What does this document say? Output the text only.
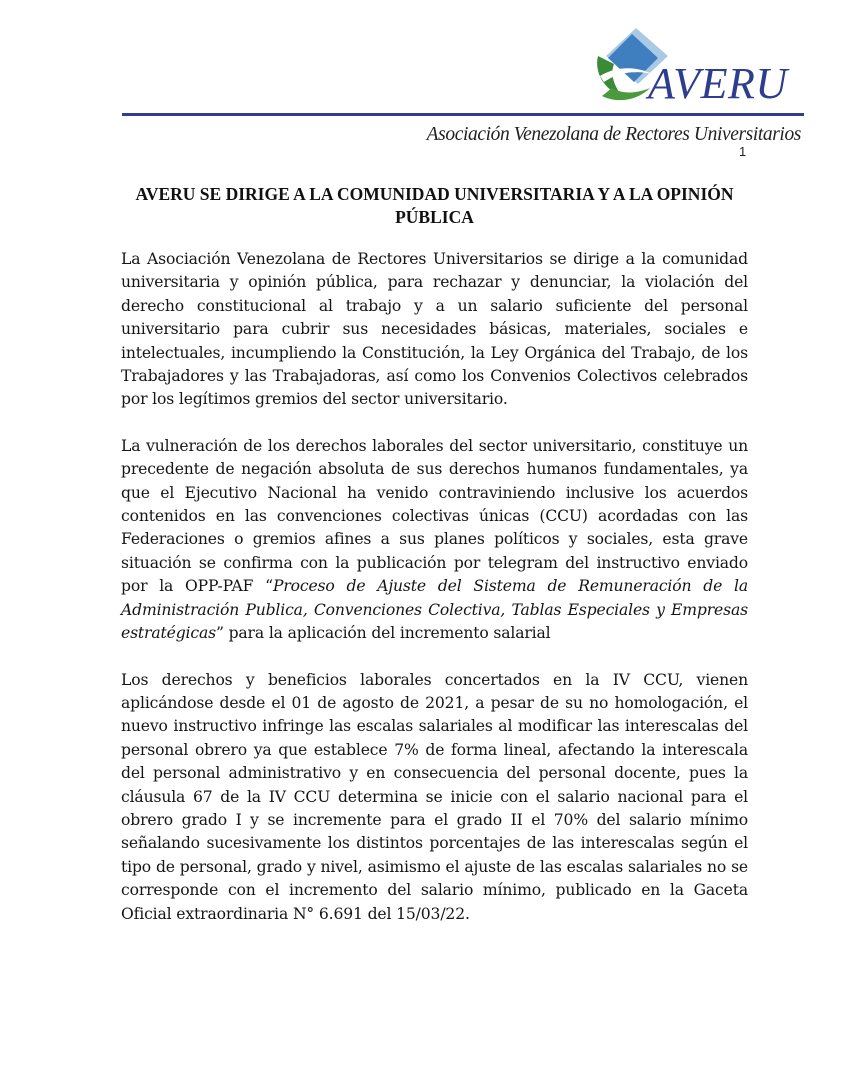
AVERU
Asociación Venezolana de Rectores Universitarios
1
AVERU SE DIRIGE A LA COMUNIDAD UNIVERSITARIA Y A LA OPINIÓN PÚBLICA

La Asociación Venezolana de Rectores Universitarios se dirige a la comunidad universitaria y opinión pública, para rechazar y denunciar, la violación del derecho constitucional al trabajo y a un salario suficiente del personal universitario para cubrir sus necesidades básicas, materiales, sociales e intelectuales, incumpliendo la Constitución, la Ley Orgánica del Trabajo, de los Trabajadores y las Trabajadoras, así como los Convenios Colectivos celebrados por los legítimos gremios del sector universitario.

La vulneración de los derechos laborales del sector universitario, constituye un precedente de negación absoluta de sus derechos humanos fundamentales, ya que el Ejecutivo Nacional ha venido contraviniendo inclusive los acuerdos contenidos en las convenciones colectivas únicas (CCU) acordadas con las Federaciones o gremios afines a sus planes políticos y sociales, esta grave situación se confirma con la publicación por telegram del instructivo enviado por la OPP-PAF “Proceso de Ajuste del Sistema de Remuneración de la Administración Publica, Convenciones Colectiva, Tablas Especiales y Empresas estratégicas” para la aplicación del incremento salarial

Los derechos y beneficios laborales concertados en la IV CCU, vienen aplicándose desde el 01 de agosto de 2021, a pesar de su no homologación, el nuevo instructivo infringe las escalas salariales al modificar las interescalas del personal obrero ya que establece 7% de forma lineal, afectando la interescala del personal administrativo y en consecuencia del personal docente, pues la cláusula 67 de la IV CCU determina se inicie con el salario nacional para el obrero grado I y se incremente para el grado II el 70% del salario mínimo señalando sucesivamente los distintos porcentajes de las interescalas según el tipo de personal, grado y nivel, asimismo el ajuste de las escalas salariales no se corresponde con el incremento del salario mínimo, publicado en la Gaceta Oficial extraordinaria N° 6.691 del 15/03/22.
